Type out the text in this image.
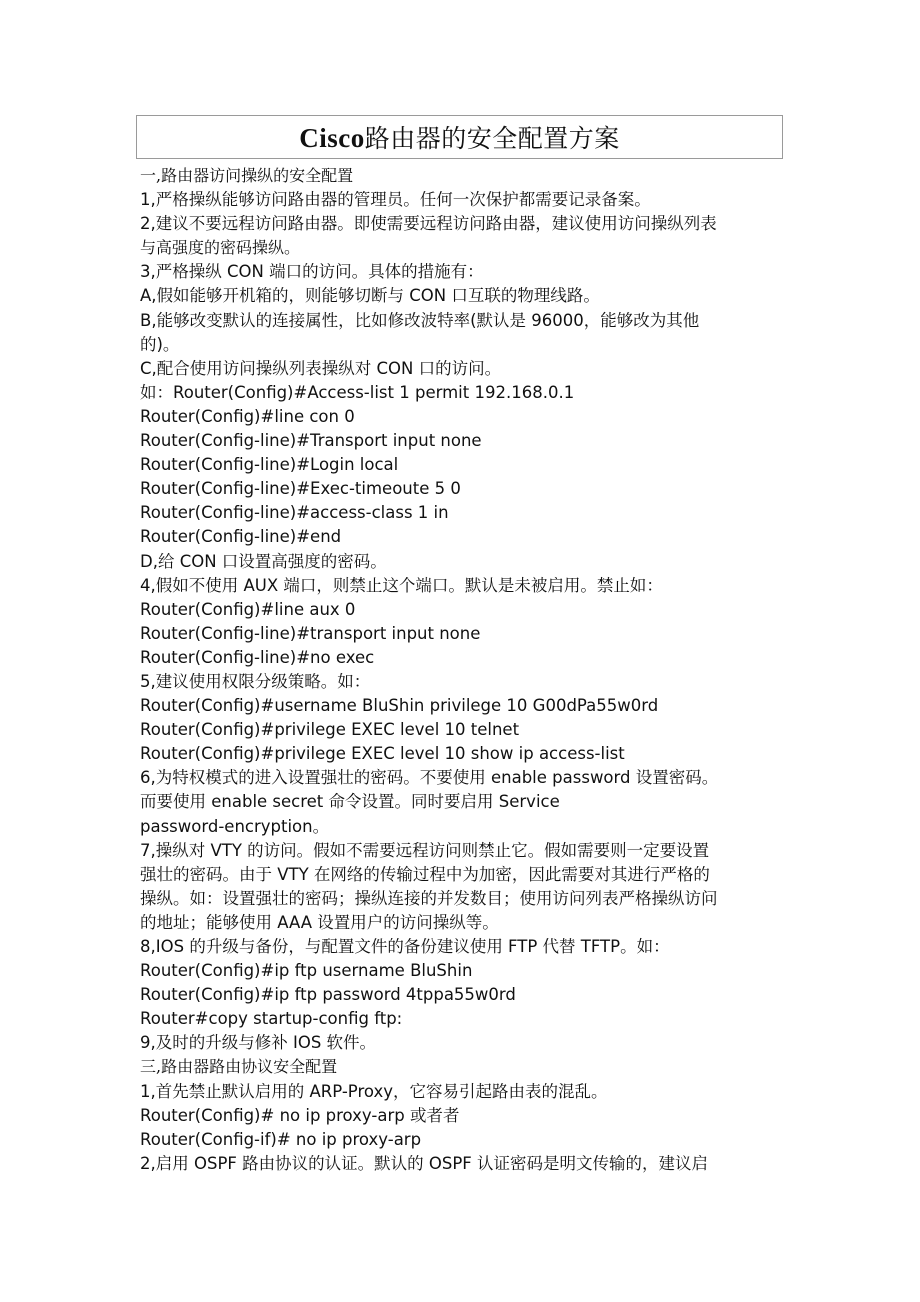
Cisco路由器的安全配置方案
一,路由器访问操纵的安全配置
1,严格操纵能够访问路由器的管理员。任何一次保护都需要记录备案。
2,建议不要远程访问路由器。即使需要远程访问路由器，建议使用访问操纵列表
与高强度的密码操纵。
3,严格操纵 CON 端口的访问。具体的措施有：
A,假如能够开机箱的，则能够切断与 CON 口互联的物理线路。
B,能够改变默认的连接属性，比如修改波特率(默认是 96000，能够改为其他
的)。
C,配合使用访问操纵列表操纵对 CON 口的访问。
如：Router(Config)#Access-list 1 permit 192.168.0.1
Router(Config)#line con 0
Router(Config-line)#Transport input none
Router(Config-line)#Login local
Router(Config-line)#Exec-timeoute 5 0
Router(Config-line)#access-class 1 in
Router(Config-line)#end
D,给 CON 口设置高强度的密码。
4,假如不使用 AUX 端口，则禁止这个端口。默认是未被启用。禁止如：
Router(Config)#line aux 0
Router(Config-line)#transport input none
Router(Config-line)#no exec
5,建议使用权限分级策略。如：
Router(Config)#username BluShin privilege 10 G00dPa55w0rd
Router(Config)#privilege EXEC level 10 telnet
Router(Config)#privilege EXEC level 10 show ip access-list
6,为特权模式的进入设置强壮的密码。不要使用 enable password 设置密码。
而要使用 enable secret 命令设置。同时要启用 Service
password-encryption。
7,操纵对 VTY 的访问。假如不需要远程访问则禁止它。假如需要则一定要设置
强壮的密码。由于 VTY 在网络的传输过程中为加密，因此需要对其进行严格的
操纵。如：设置强壮的密码；操纵连接的并发数目；使用访问列表严格操纵访问
的地址；能够使用 AAA 设置用户的访问操纵等。
8,IOS 的升级与备份，与配置文件的备份建议使用 FTP 代替 TFTP。如：
Router(Config)#ip ftp username BluShin
Router(Config)#ip ftp password 4tppa55w0rd
Router#copy startup-config ftp:
9,及时的升级与修补 IOS 软件。
三,路由器路由协议安全配置
1,首先禁止默认启用的 ARP-Proxy，它容易引起路由表的混乱。
Router(Config)# no ip proxy-arp 或者者
Router(Config-if)# no ip proxy-arp
2,启用 OSPF 路由协议的认证。默认的 OSPF 认证密码是明文传输的，建议启
